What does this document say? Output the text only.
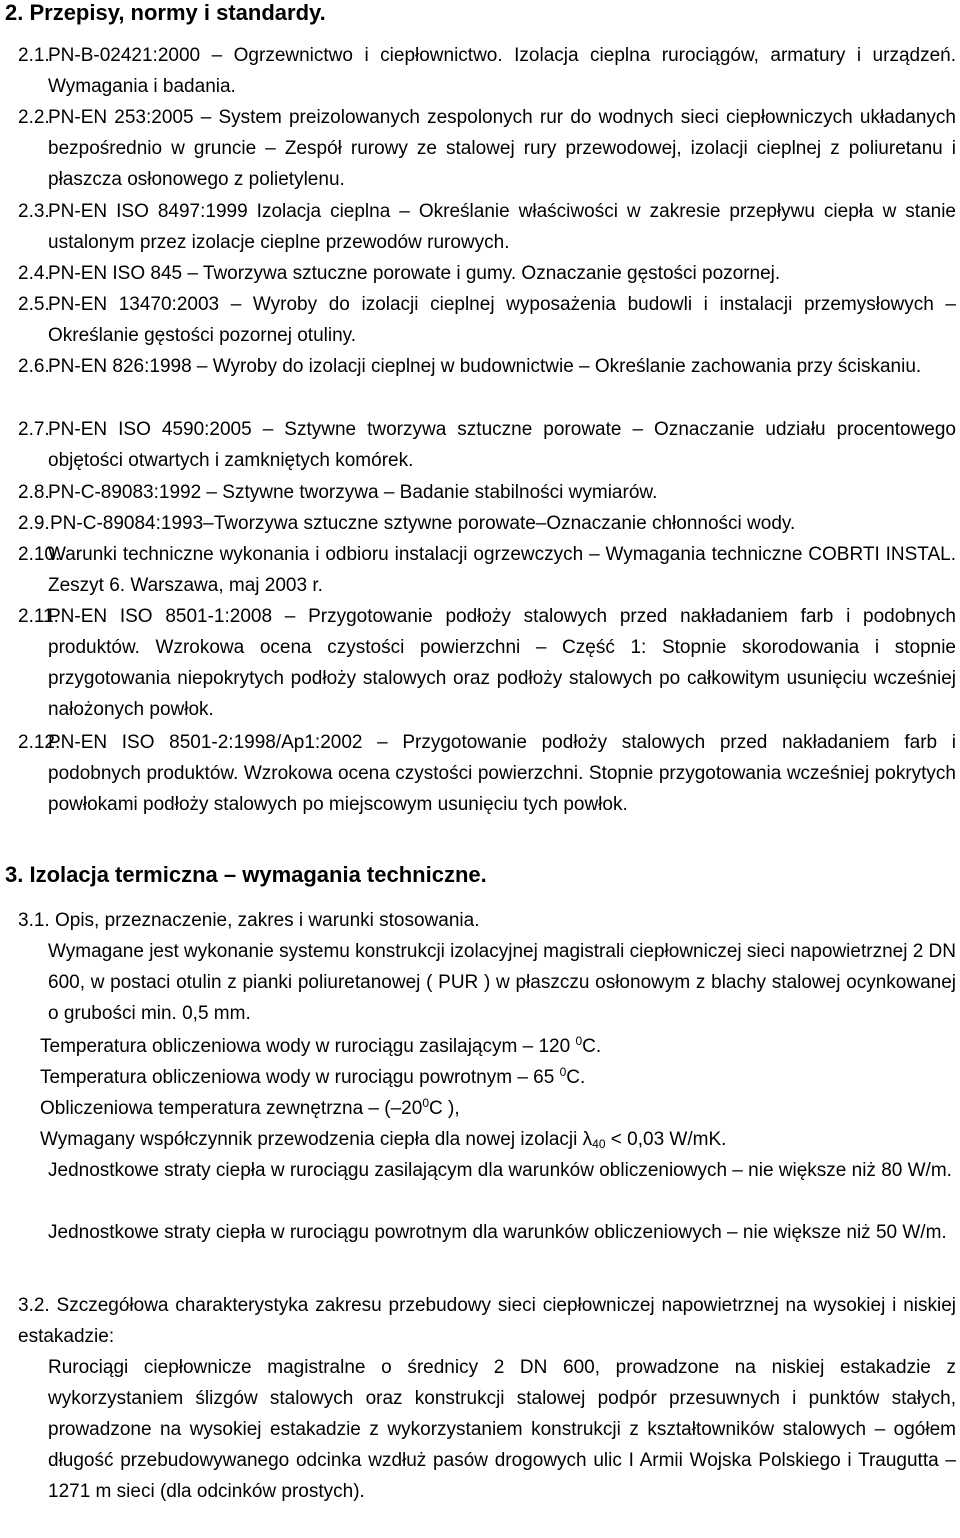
2. Przepisy, normy i standardy.
2.1.
PN-B-02421:2000 – Ogrzewnictwo i ciepłownictwo. Izolacja cieplna rurociągów, armatury i urządzeń. Wymagania i badania.
2.2.
PN-EN 253:2005 – System preizolowanych zespolonych rur do wodnych sieci ciepłowniczych układanych bezpośrednio w gruncie – Zespół rurowy ze stalowej rury przewodowej, izolacji cieplnej z poliuretanu i płaszcza osłonowego z polietylenu.
2.3.
PN-EN ISO 8497:1999 Izolacja cieplna – Określanie właściwości w zakresie przepływu ciepła w stanie ustalonym przez izolacje cieplne przewodów rurowych.
2.4.
PN-EN ISO 845 – Tworzywa sztuczne porowate i gumy. Oznaczanie gęstości pozornej.
2.5.
PN-EN 13470:2003 – Wyroby do izolacji cieplnej wyposażenia budowli i instalacji przemysłowych – Określanie gęstości pozornej otuliny.
2.6.
PN-EN 826:1998 – Wyroby do izolacji cieplnej w budownictwie – Określanie zachowania przy ściskaniu.
2.7.
PN-EN ISO 4590:2005 – Sztywne tworzywa sztuczne porowate – Oznaczanie udziału procentowego objętości otwartych i zamkniętych komórek.
2.8.
PN-C-89083:1992 – Sztywne tworzywa – Badanie stabilności wymiarów.
2.9. PN-C-89084:1993–Tworzywa sztuczne sztywne porowate–Oznaczanie chłonności wody.
2.10.
Warunki techniczne wykonania i odbioru instalacji ogrzewczych – Wymagania techniczne COBRTI INSTAL. Zeszyt 6. Warszawa, maj 2003 r.
2.11.
PN-EN ISO 8501-1:2008 – Przygotowanie podłoży stalowych przed nakładaniem farb i podobnych produktów. Wzrokowa ocena czystości powierzchni – Część 1: Stopnie skorodowania i stopnie przygotowania niepokrytych podłoży stalowych oraz podłoży stalowych po całkowitym usunięciu wcześniej nałożonych powłok.
2.12.
PN-EN ISO 8501-2:1998/Ap1:2002 – Przygotowanie podłoży stalowych przed nakładaniem farb i podobnych produktów. Wzrokowa ocena czystości powierzchni. Stopnie przygotowania wcześniej pokrytych powłokami podłoży stalowych po miejscowym usunięciu tych powłok.
3. Izolacja termiczna – wymagania techniczne.
3.1. Opis, przeznaczenie, zakres i warunki stosowania.
Wymagane jest wykonanie systemu konstrukcji izolacyjnej magistrali ciepłowniczej sieci napowietrznej 2 DN 600, w postaci otulin z pianki poliuretanowej ( PUR ) w płaszczu osłonowym z blachy stalowej ocynkowanej o grubości min. 0,5 mm.
Temperatura obliczeniowa wody w rurociągu zasilającym – 120 $^0$C.
Temperatura obliczeniowa wody w rurociągu powrotnym – 65 $^0$C.
Obliczeniowa temperatura zewnętrzna – ($-20^0C$ ),
Wymagany współczynnik przewodzenia ciepła dla nowej izolacji $\lambda_{40} < 0,03$ W/mK.
Jednostkowe straty ciepła w rurociągu zasilającym dla warunków obliczeniowych – nie większe niż 80 W/m.
Jednostkowe straty ciepła w rurociągu powrotnym dla warunków obliczeniowych – nie większe niż 50 W/m.
3.2. Szczegółowa charakterystyka zakresu przebudowy sieci ciepłowniczej napowietrznej na wysokiej i niskiej estakadzie:
Rurociągi ciepłownicze magistralne o średnicy 2 DN 600, prowadzone na niskiej estakadzie z wykorzystaniem ślizgów stalowych oraz konstrukcji stalowej podpór przesuwnych i punktów stałych, prowadzone na wysokiej estakadzie z wykorzystaniem konstrukcji z kształtowników stalowych – ogółem długość przebudowywanego odcinka wzdłuż pasów drogowych ulic I Armii Wojska Polskiego i Traugutta – 1271 m sieci (dla odcinków prostych).
